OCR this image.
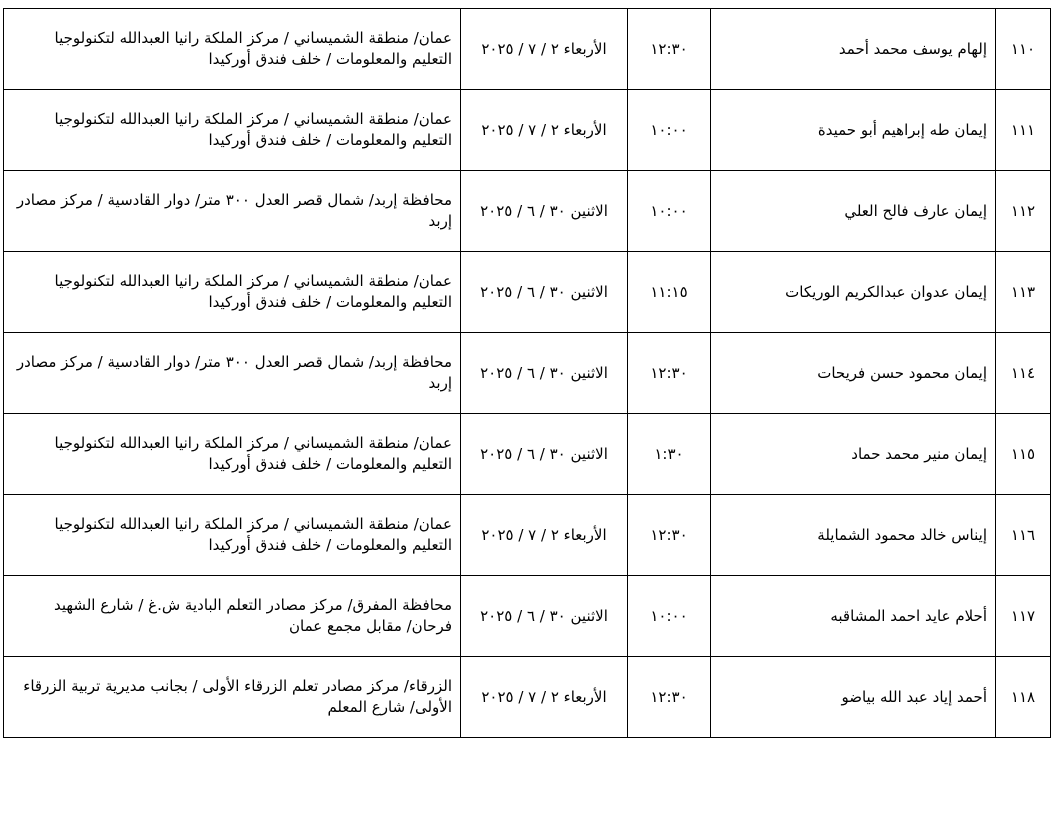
١١٠	إلهام يوسف محمد أحمد	١٢:٣٠	الأربعاء ٢ / ٧ / ٢٠٢٥	عمان/ منطقة الشميساني / مركز الملكة رانيا العبدالله لتكنولوجيا التعليم والمعلومات / خلف فندق أوركيدا
١١١	إيمان طه إبراهيم أبو حميدة	١٠:٠٠	الأربعاء ٢ / ٧ / ٢٠٢٥	عمان/ منطقة الشميساني / مركز الملكة رانيا العبدالله لتكنولوجيا التعليم والمعلومات / خلف فندق أوركيدا
١١٢	إيمان عارف فالح العلي	١٠:٠٠	الاثنين ٣٠ / ٦ / ٢٠٢٥	محافظة إربد/ شمال قصر العدل ٣٠٠ متر/ دوار القادسية / مركز مصادر إربد
١١٣	إيمان عدوان عبدالكريم الوريكات	١١:١٥	الاثنين ٣٠ / ٦ / ٢٠٢٥	عمان/ منطقة الشميساني / مركز الملكة رانيا العبدالله لتكنولوجيا التعليم والمعلومات / خلف فندق أوركيدا
١١٤	إيمان محمود حسن فريحات	١٢:٣٠	الاثنين ٣٠ / ٦ / ٢٠٢٥	محافظة إربد/ شمال قصر العدل ٣٠٠ متر/ دوار القادسية / مركز مصادر إربد
١١٥	إيمان منير محمد حماد	١:٣٠	الاثنين ٣٠ / ٦ / ٢٠٢٥	عمان/ منطقة الشميساني / مركز الملكة رانيا العبدالله لتكنولوجيا التعليم والمعلومات / خلف فندق أوركيدا
١١٦	إيناس خالد محمود الشمايلة	١٢:٣٠	الأربعاء ٢ / ٧ / ٢٠٢٥	عمان/ منطقة الشميساني / مركز الملكة رانيا العبدالله لتكنولوجيا التعليم والمعلومات / خلف فندق أوركيدا
١١٧	أحلام عايد احمد المشاقبه	١٠:٠٠	الاثنين ٣٠ / ٦ / ٢٠٢٥	محافظة المفرق/ مركز مصادر التعلم البادية ش.غ / شارع الشهيد فرحان/ مقابل مجمع عمان
١١٨	أحمد إياد عبد الله بياضو	١٢:٣٠	الأربعاء ٢ / ٧ / ٢٠٢٥	الزرقاء/ مركز مصادر تعلم الزرقاء الأولى / بجانب مديرية تربية الزرقاء الأولى/ شارع المعلم
